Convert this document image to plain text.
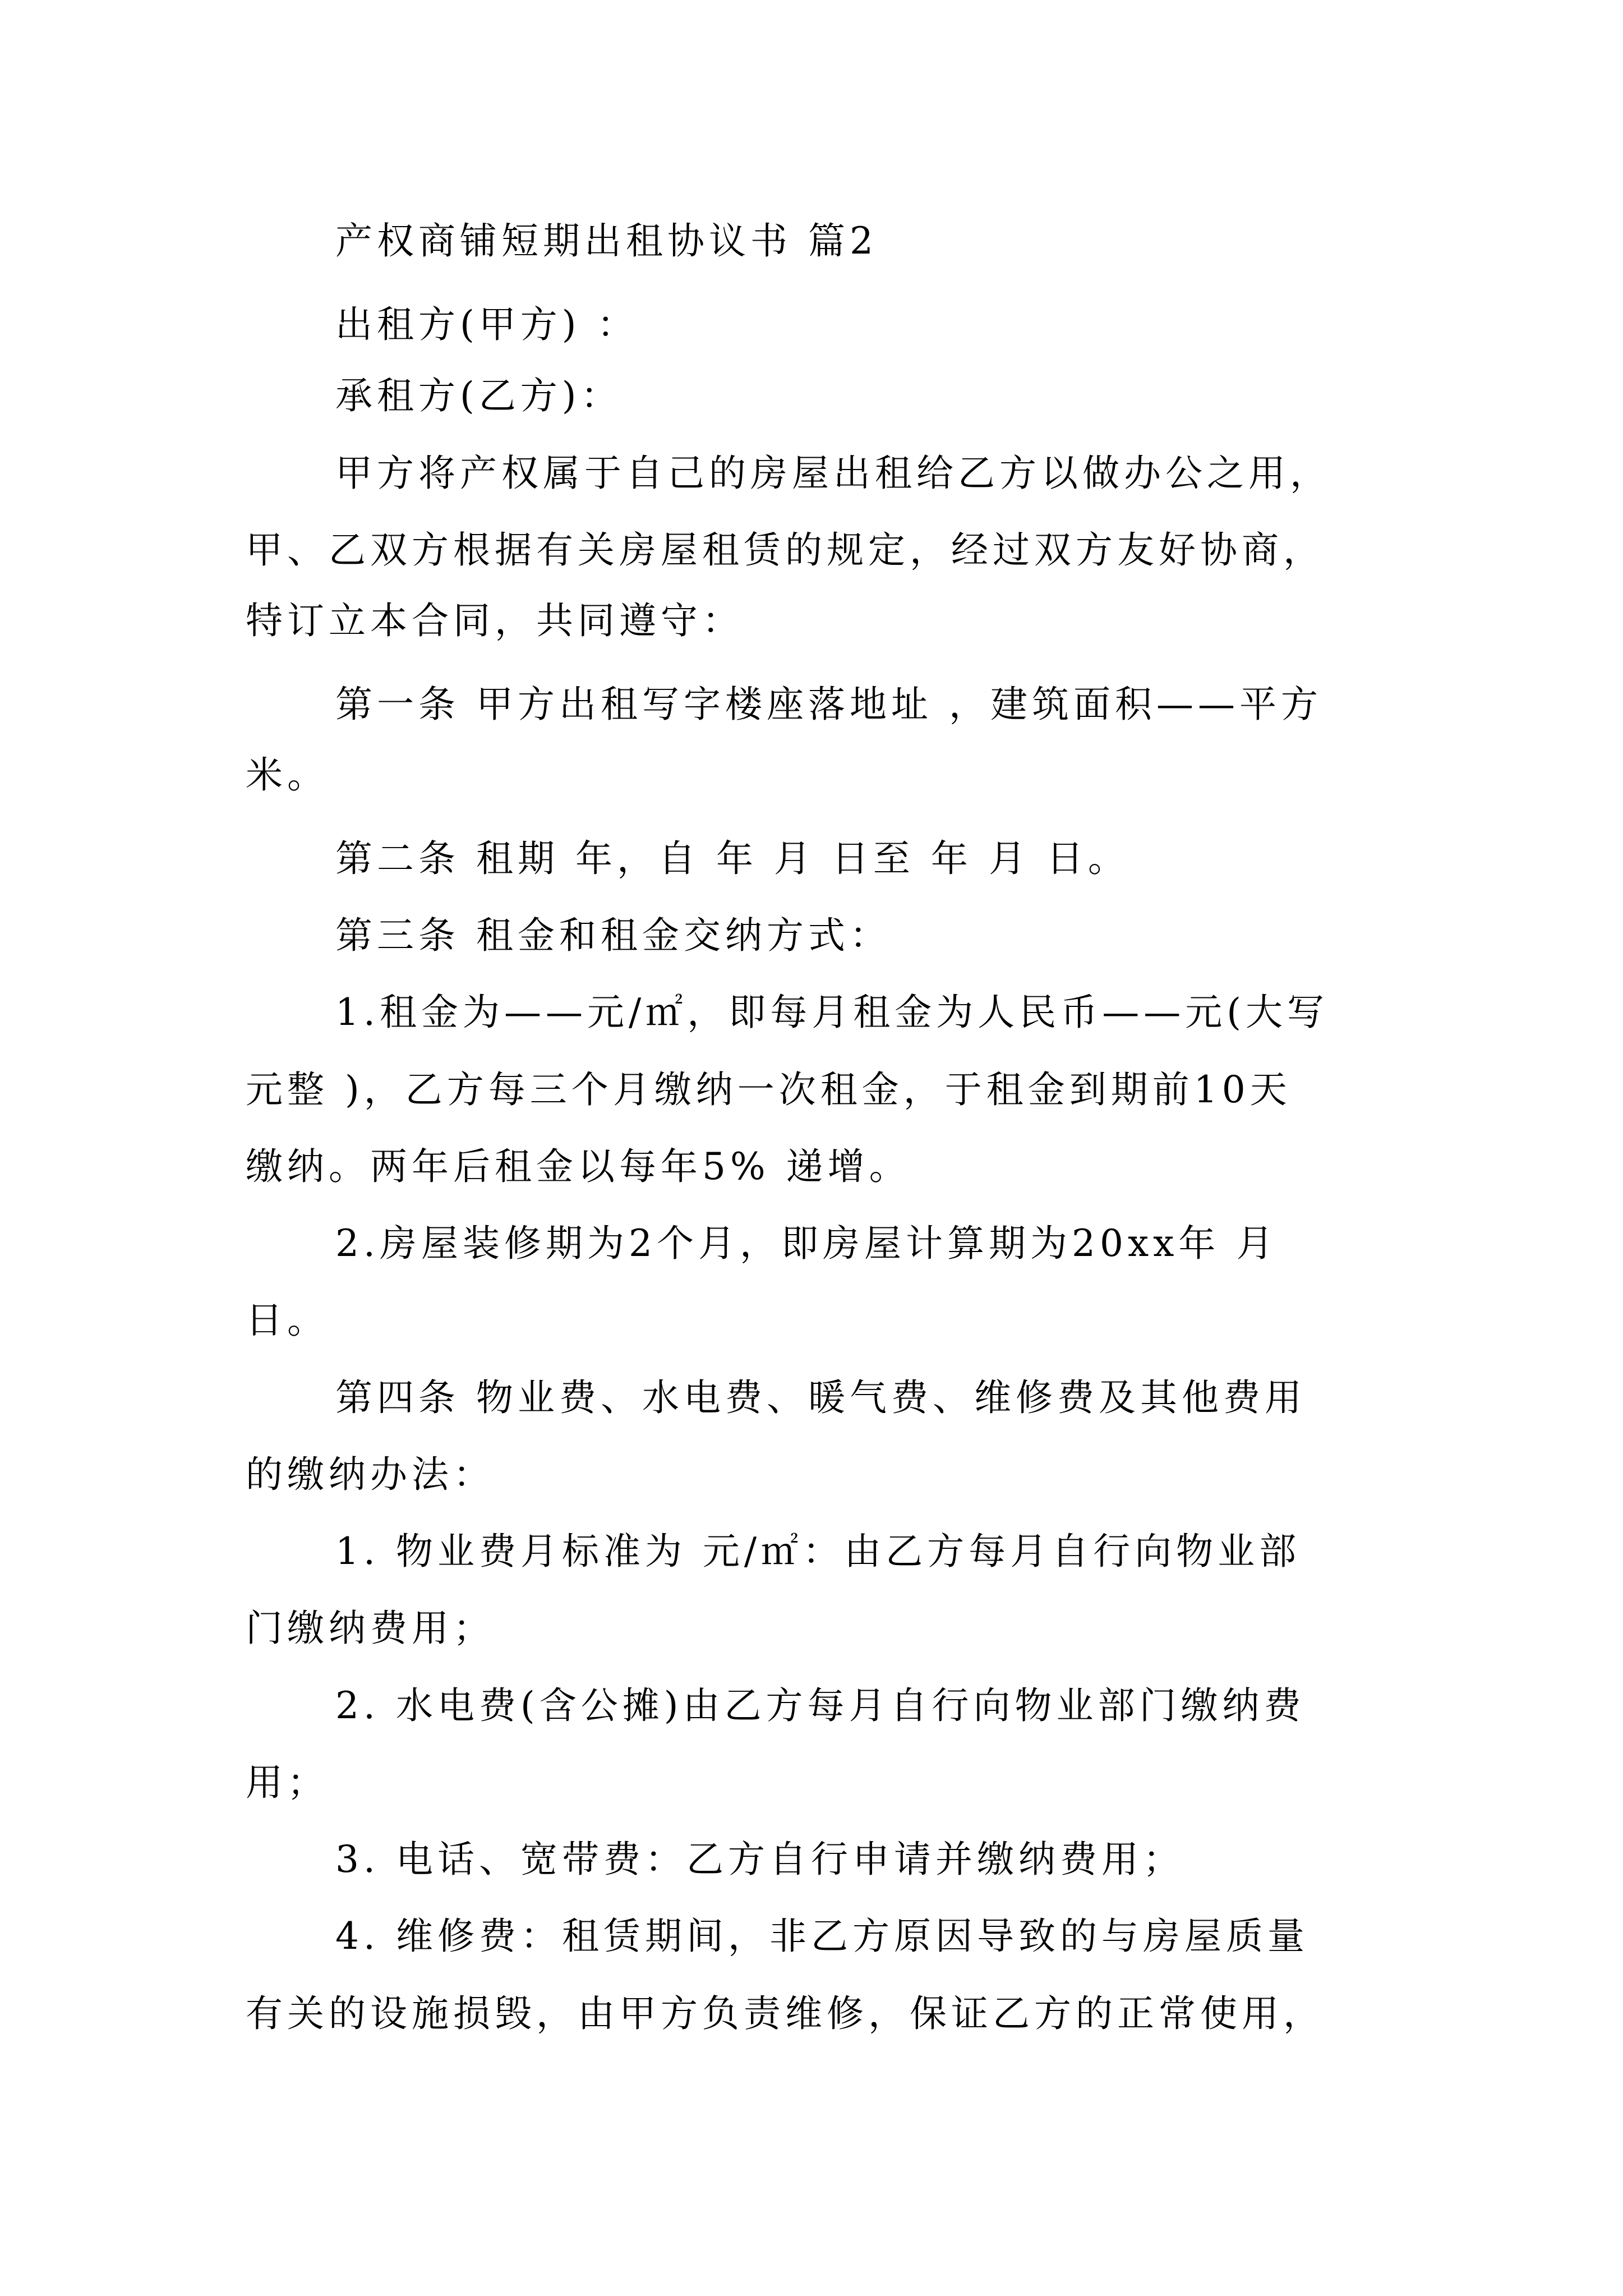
产权商铺短期出租协议书 篇2

出租方(甲方) ：

承租方(乙方)：

甲方将产权属于自己的房屋出租给乙方以做办公之用，

甲、乙双方根据有关房屋租赁的规定，经过双方友好协商，

特订立本合同，共同遵守：

第一条 甲方出租写字楼座落地址 ，建筑面积——平方

米。

第二条 租期 年，自 年 月 日至 年 月 日。

第三条 租金和租金交纳方式：

1.租金为——元/㎡，即每月租金为人民币——元(大写

元整 )，乙方每三个月缴纳一次租金，于租金到期前10天

缴纳。两年后租金以每年5% 递增。

2.房屋装修期为2个月，即房屋计算期为20xx年 月

日。

第四条 物业费、水电费、暖气费、维修费及其他费用

的缴纳办法：

1. 物业费月标准为 元/㎡：由乙方每月自行向物业部

门缴纳费用；

2. 水电费(含公摊)由乙方每月自行向物业部门缴纳费

用；

3. 电话、宽带费：乙方自行申请并缴纳费用；

4. 维修费：租赁期间，非乙方原因导致的与房屋质量

有关的设施损毁，由甲方负责维修，保证乙方的正常使用，
